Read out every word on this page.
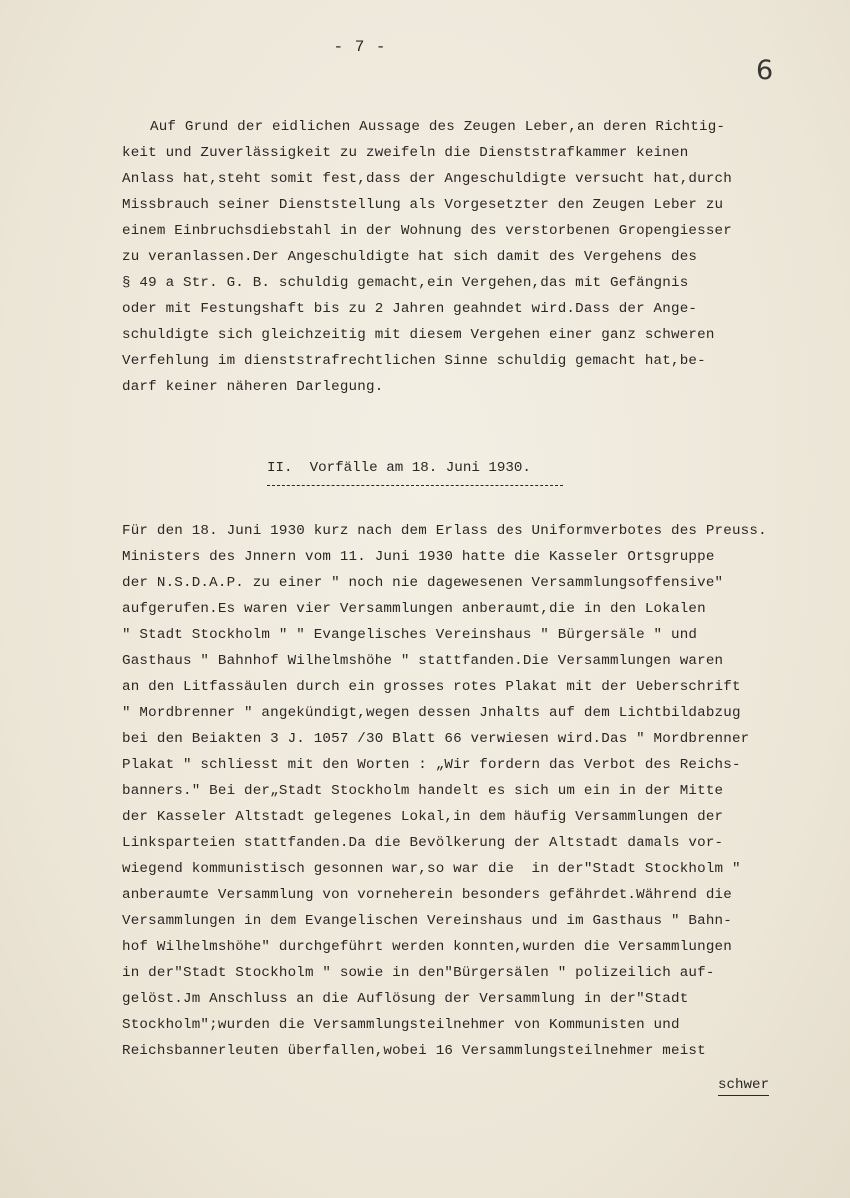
- 7 -
6
Auf Grund der eidlichen Aussage des Zeugen Leber,an deren Richtig-
keit und Zuverlässigkeit zu zweifeln die Dienststrafkammer keinen
Anlass hat,steht somit fest,dass der Angeschuldigte versucht hat,durch
Missbrauch seiner Dienststellung als Vorgesetzter den Zeugen Leber zu
einem Einbruchsdiebstahl in der Wohnung des verstorbenen Gropengiesser
zu veranlassen.Der Angeschuldigte hat sich damit des Vergehens des
§ 49 a Str. G. B. schuldig gemacht,ein Vergehen,das mit Gefängnis
oder mit Festungshaft bis zu 2 Jahren geahndet wird.Dass der Ange-
schuldigte sich gleichzeitig mit diesem Vergehen einer ganz schweren
Verfehlung im dienststrafrechtlichen Sinne schuldig gemacht hat,be-
darf keiner näheren Darlegung.
II.  Vorfälle am 18. Juni 1930.
Für den 18. Juni 1930 kurz nach dem Erlass des Uniformverbotes des Preuss.
Ministers des Jnnern vom 11. Juni 1930 hatte die Kasseler Ortsgruppe
der N.S.D.A.P. zu einer " noch nie dagewesenen Versammlungsoffensive"
aufgerufen.Es waren vier Versammlungen anberaumt,die in den Lokalen
" Stadt Stockholm " " Evangelisches Vereinshaus " Bürgersäle " und
Gasthaus " Bahnhof Wilhelmshöhe " stattfanden.Die Versammlungen waren
an den Litfassäulen durch ein grosses rotes Plakat mit der Ueberschrift
" Mordbrenner " angekündigt,wegen dessen Jnhalts auf dem Lichtbildabzug
bei den Beiakten 3 J. 1057 /30 Blatt 66 verwiesen wird.Das " Mordbrenner
Plakat " schliesst mit den Worten : „Wir fordern das Verbot des Reichs-
banners." Bei der„Stadt Stockholm handelt es sich um ein in der Mitte
der Kasseler Altstadt gelegenes Lokal,in dem häufig Versammlungen der
Linksparteien stattfanden.Da die Bevölkerung der Altstadt damals vor-
wiegend kommunistisch gesonnen war,so war die  in der"Stadt Stockholm "
anberaumte Versammlung von vorneherein besonders gefährdet.Während die
Versammlungen in dem Evangelischen Vereinshaus und im Gasthaus " Bahn-
hof Wilhelmshöhe" durchgeführt werden konnten,wurden die Versammlungen
in der"Stadt Stockholm " sowie in den"Bürgersälen " polizeilich auf-
gelöst.Jm Anschluss an die Auflösung der Versammlung in der"Stadt
Stockholm";wurden die Versammlungsteilnehmer von Kommunisten und
Reichsbannerleuten überfallen,wobei 16 Versammlungsteilnehmer meist
schwer
